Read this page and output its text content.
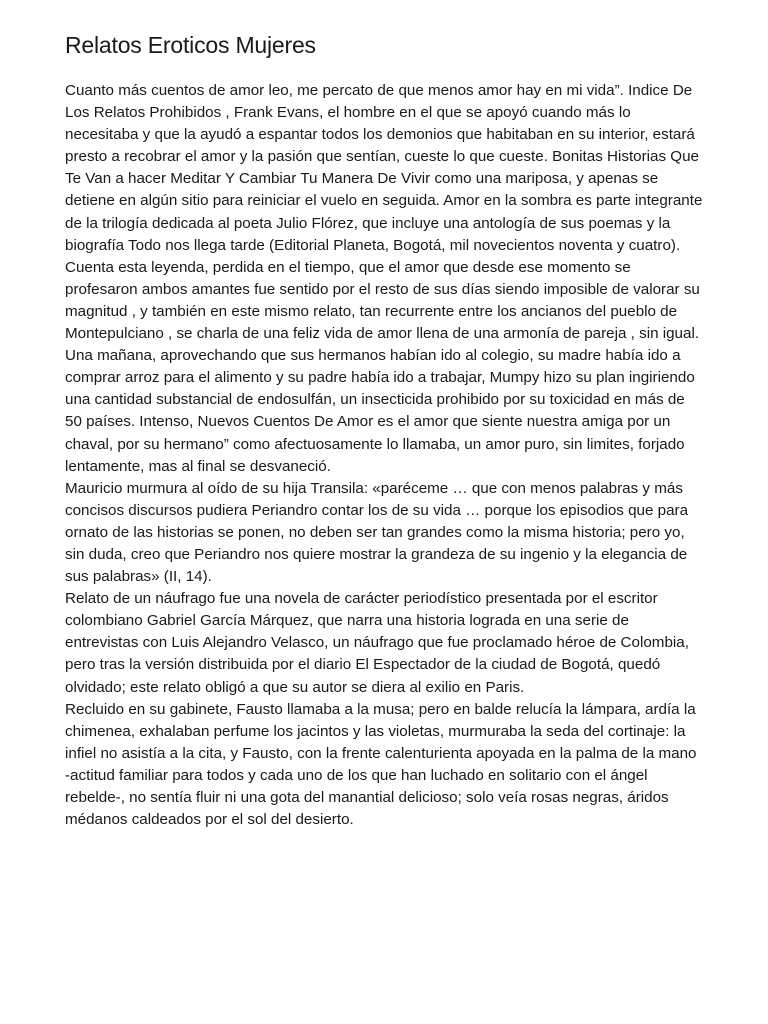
Relatos Eroticos Mujeres

Cuanto más cuentos de amor leo, me percato de que menos amor hay en mi vida”. Indice De Los Relatos Prohibidos , Frank Evans, el hombre en el que se apoyó cuando más lo necesitaba y que la ayudó a espantar todos los demonios que habitaban en su interior, estará presto a recobrar el amor y la pasión que sentían, cueste lo que cueste. Bonitas Historias Que Te Van a hacer Meditar Y Cambiar Tu Manera De Vivir como una mariposa, y apenas se detiene en algún sitio para reiniciar el vuelo en seguida. Amor en la sombra es parte integrante de la trilogía dedicada al poeta Julio Flórez, que incluye una antología de sus poemas y la biografía Todo nos llega tarde (Editorial Planeta, Bogotá, mil novecientos noventa y cuatro).

Cuenta esta leyenda, perdida en el tiempo, que el amor que desde ese momento se profesaron ambos amantes fue sentido por el resto de sus días siendo imposible de valorar su magnitud , y también en este mismo relato, tan recurrente entre los ancianos del pueblo de Montepulciano , se charla de una feliz vida de amor llena de una armonía de pareja , sin igual.

Una mañana, aprovechando que sus hermanos habían ido al colegio, su madre había ido a comprar arroz para el alimento y su padre había ido a trabajar, Mumpy hizo su plan ingiriendo una cantidad substancial de endosulfán, un insecticida prohibido por su toxicidad en más de 50 países. Intenso, Nuevos Cuentos De Amor es el amor que siente nuestra amiga por un chaval, por su hermano” como afectuosamente lo llamaba, un amor puro, sin limites, forjado lentamente, mas al final se desvaneció.

Mauricio murmura al oído de su hija Transila: «paréceme … que con menos palabras y más concisos discursos pudiera Periandro contar los de su vida … porque los episodios que para ornato de las historias se ponen, no deben ser tan grandes como la misma historia; pero yo, sin duda, creo que Periandro nos quiere mostrar la grandeza de su ingenio y la elegancia de sus palabras» (II, 14).

Relato de un náufrago fue una novela de carácter periodístico presentada por el escritor colombiano Gabriel García Márquez, que narra una historia lograda en una serie de entrevistas con Luis Alejandro Velasco, un náufrago que fue proclamado héroe de Colombia, pero tras la versión distribuida por el diario El Espectador de la ciudad de Bogotá, quedó olvidado; este relato obligó a que su autor se diera al exilio en Paris.

Recluido en su gabinete, Fausto llamaba a la musa; pero en balde relucía la lámpara, ardía la chimenea, exhalaban perfume los jacintos y las violetas, murmuraba la seda del cortinaje: la infiel no asistía a la cita, y Fausto, con la frente calenturienta apoyada en la palma de la mano -actitud familiar para todos y cada uno de los que han luchado en solitario con el ángel rebelde-, no sentía fluir ni una gota del manantial delicioso; solo veía rosas negras, áridos médanos caldeados por el sol del desierto.
